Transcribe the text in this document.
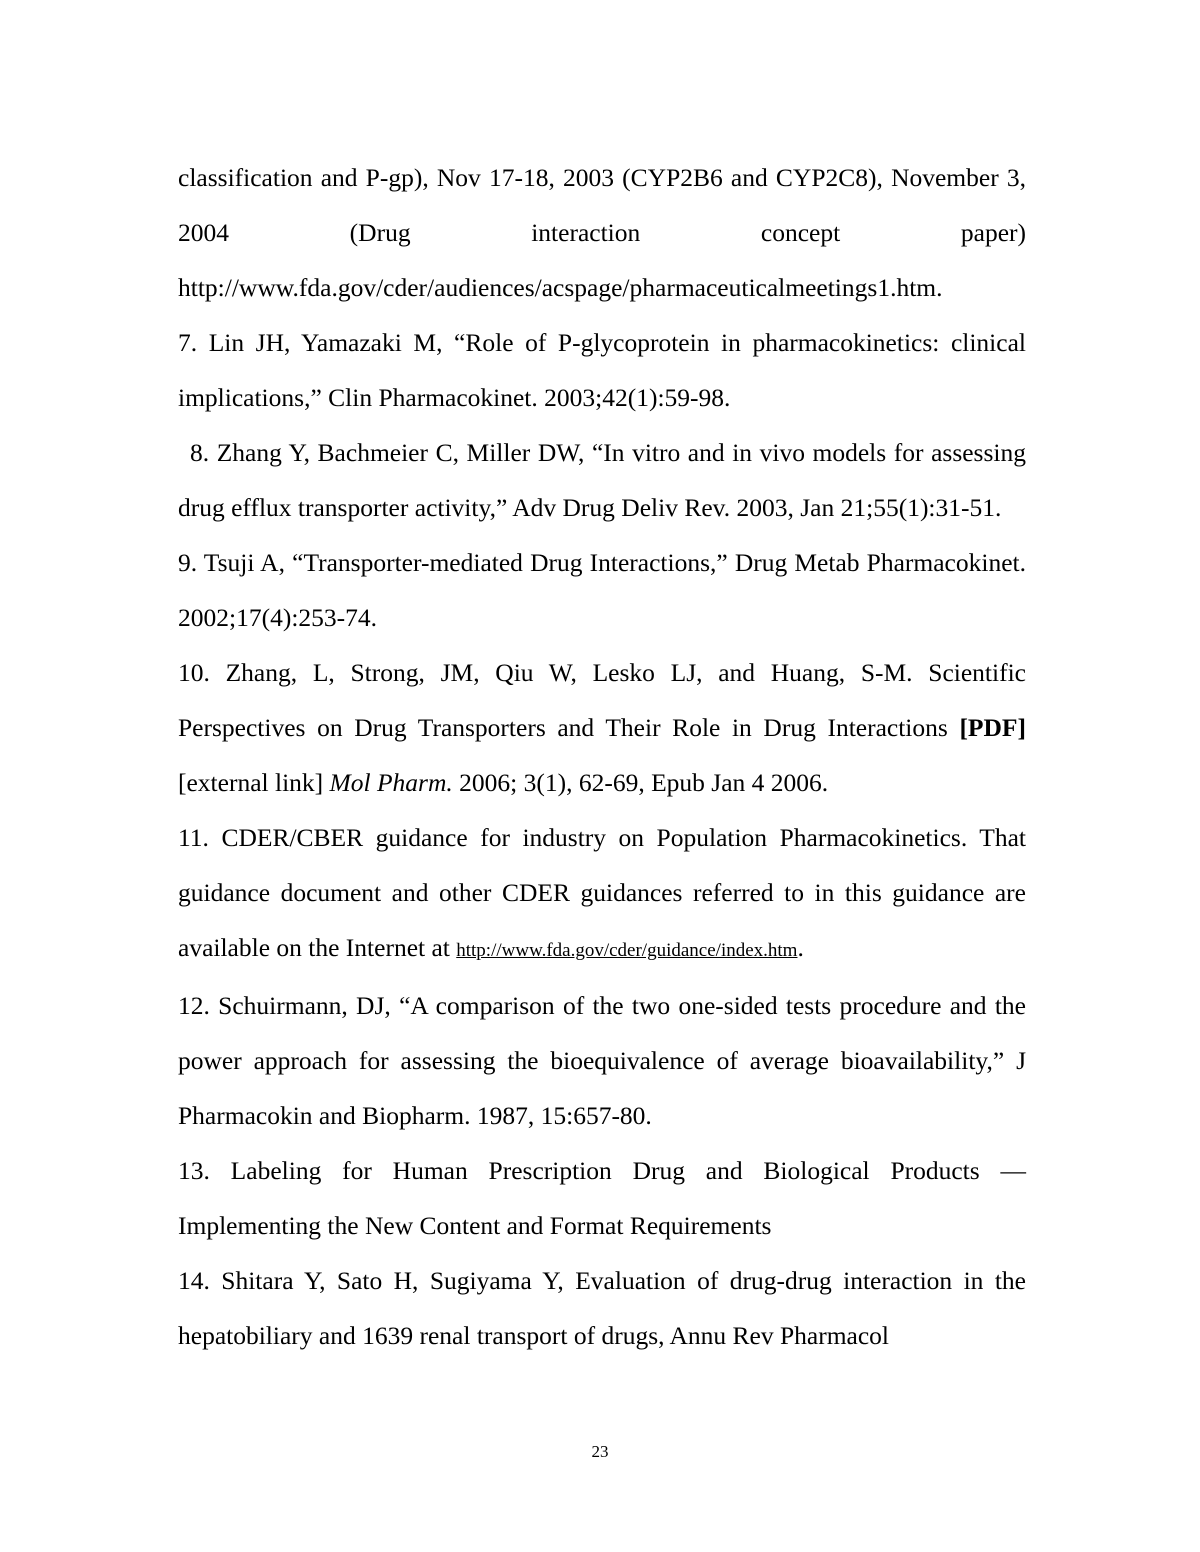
classification and P-gp), Nov 17-18, 2003 (CYP2B6 and CYP2C8), November 3, 2004 (Drug interaction concept paper) http://www.fda.gov/cder/audiences/acspage/pharmaceuticalmeetings1.htm.

7. Lin JH, Yamazaki M, “Role of P-glycoprotein in pharmacokinetics: clinical implications,” Clin Pharmacokinet. 2003;42(1):59-98.

8. Zhang Y, Bachmeier C, Miller DW, “In vitro and in vivo models for assessing drug efflux transporter activity,” Adv Drug Deliv Rev. 2003, Jan 21;55(1):31-51.

9. Tsuji A, “Transporter-mediated Drug Interactions,” Drug Metab Pharmacokinet. 2002;17(4):253-74.

10. Zhang, L, Strong, JM, Qiu W, Lesko LJ, and Huang, S-M. Scientific Perspectives on Drug Transporters and Their Role in Drug Interactions [PDF] [external link] Mol Pharm. 2006; 3(1), 62-69, Epub Jan 4 2006.

11. CDER/CBER guidance for industry on Population Pharmacokinetics. That guidance document and other CDER guidances referred to in this guidance are available on the Internet at http://www.fda.gov/cder/guidance/index.htm.

12. Schuirmann, DJ, “A comparison of the two one-sided tests procedure and the power approach for assessing the bioequivalence of average bioavailability,” J Pharmacokin and Biopharm. 1987, 15:657-80.

13. Labeling for Human Prescription Drug and Biological Products — Implementing the New Content and Format Requirements

14. Shitara Y, Sato H, Sugiyama Y, Evaluation of drug-drug interaction in the hepatobiliary and 1639 renal transport of drugs, Annu Rev Pharmacol

23
